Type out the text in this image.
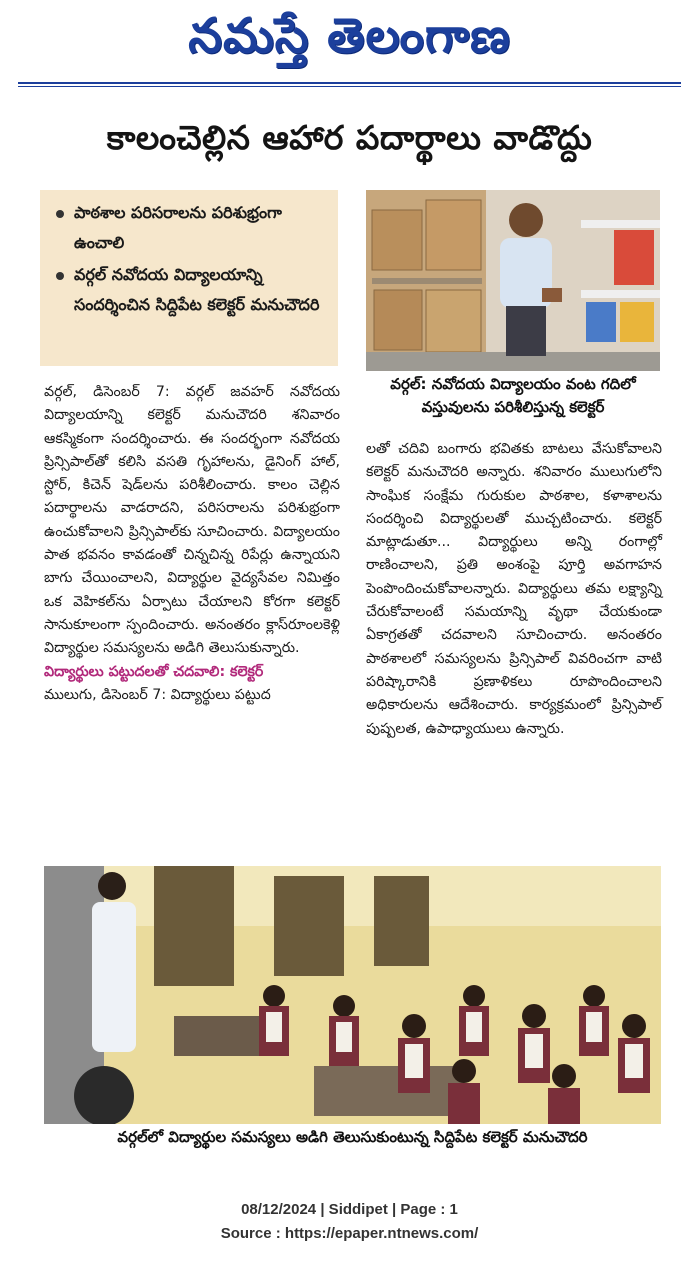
నమస్తే తెలంగాణ
కాలంచెల్లిన ఆహార పదార్థాలు వాడొద్దు
పాఠశాల పరిసరాలను పరిశుభ్రంగా ఉంచాలి
వర్గల్ నవోదయ విద్యాలయాన్ని సందర్శించిన సిద్దిపేట కలెక్టర్ మనుచౌదరి
వర్గల్: నవోదయ విద్యాలయం వంట గదిలో వస్తువులను పరిశీలిస్తున్న కలెక్టర్
వర్గల్, డిసెంబర్ 7: వర్గల్ జవహర్ నవోదయ విద్యాలయాన్ని కలెక్టర్ మనుచౌదరి శనివారం ఆకస్మికంగా సందర్శించారు. ఈ సందర్భంగా నవోదయ ప్రిన్సిపాల్‌తో కలిసి వసతి గృహాలను, డైనింగ్ హాల్, స్టోర్, కిచెన్ షెడ్‌లను పరిశీలించారు. కాలం చెల్లిన పదార్థాలను వాడరాదని, పరిసరాలను పరిశుభ్రంగా ఉంచుకోవాలని ప్రిన్సిపాల్‌కు సూచించారు. విద్యాలయం పాత భవనం కావడంతో చిన్నచిన్న రిపేర్లు ఉన్నాయని బాగు చేయించాలని, విద్యార్థుల వైద్యసేవల నిమిత్తం ఒక వెహికల్‌ను ఏర్పాటు చేయాలని కోరగా కలెక్టర్ సానుకూలంగా స్పందించారు. అనంతరం క్లాస్‌రూంలకెళ్లి విద్యార్థుల సమస్యలను అడిగి తెలుసుకున్నారు.
విద్యార్థులు పట్టుదలతో చదవాలి: కలెక్టర్
ములుగు, డిసెంబర్ 7: విద్యార్థులు పట్టుద
లతో చదివి బంగారు భవితకు బాటలు వేసుకోవాలని కలెక్టర్ మనుచౌదరి అన్నారు. శనివారం ములుగులోని సాంఘిక సంక్షేమ గురుకుల పాఠశాల, కళాశాలను సందర్శించి విద్యార్థులతో ముచ్చటించారు. కలెక్టర్ మాట్లాడుతూ... విద్యార్థులు అన్ని రంగాల్లో రాణించాలని, ప్రతి అంశంపై పూర్తి అవగాహన పెంపొందించుకోవాలన్నారు. విద్యార్థులు తమ లక్ష్యాన్ని చేరుకోవాలంటే సమయాన్ని వృథా చేయకుండా ఏకాగ్రతతో చదవాలని సూచించారు. అనంతరం పాఠశాలలో సమస్యలను ప్రిన్సిపాల్ వివరించగా వాటి పరిష్కారానికి ప్రణాళికలు రూపొందించాలని అధికారులను ఆదేశించారు. కార్యక్రమంలో ప్రిన్సిపాల్ పుష్పలత, ఉపాధ్యాయులు ఉన్నారు.
వర్గల్‌లో విద్యార్థుల సమస్యలు అడిగి తెలుసుకుంటున్న సిద్దిపేట కలెక్టర్ మనుచౌదరి
08/12/2024 | Siddipet | Page : 1
Source : https://epaper.ntnews.com/
